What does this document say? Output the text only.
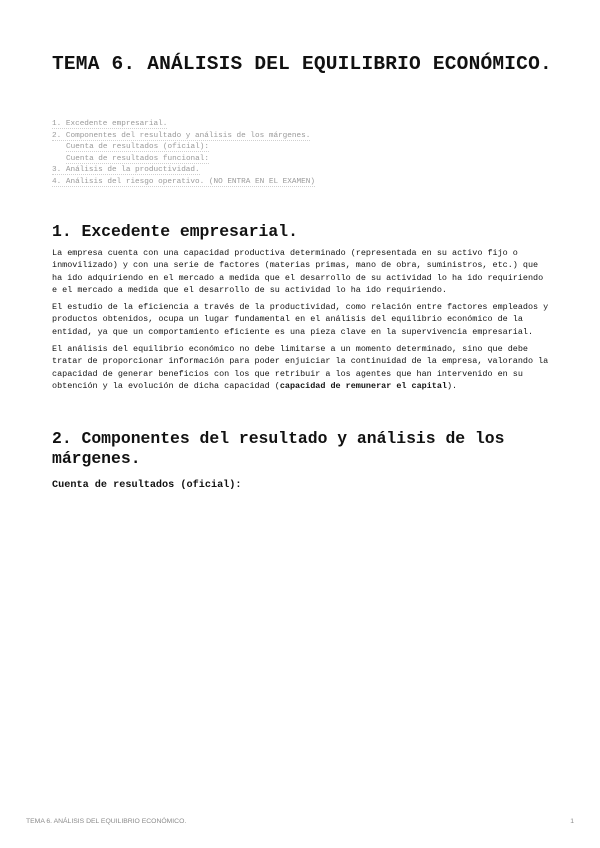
TEMA 6. ANÁLISIS DEL EQUILIBRIO ECONÓMICO.
1. Excedente empresarial.
2. Componentes del resultado y análisis de los márgenes.
Cuenta de resultados (oficial):
Cuenta de resultados funcional:
3. Análisis de la productividad.
4. Análisis del riesgo operativo. (NO ENTRA EN EL EXAMEN)
1. Excedente empresarial.

La empresa cuenta con una capacidad productiva determinado (representada en su activo fijo o inmovilizado) y con una serie de factores (materias primas, mano de obra, suministros, etc.) que ha ido adquiriendo en el mercado a medida que el desarrollo de su actividad lo ha ido requiriendo e el mercado a medida que el desarrollo de su actividad lo ha ido requiriendo.

El estudio de la eficiencia a través de la productividad, como relación entre factores empleados y productos obtenidos, ocupa un lugar fundamental en el análisis del equilibrio económico de la entidad, ya que un comportamiento eficiente es una pieza clave en la supervivencia empresarial.

El análisis del equilibrio económico no debe limitarse a un momento determinado, sino que debe tratar de proporcionar información para poder enjuiciar la continuidad de la empresa, valorando la capacidad de generar beneficios con los que retribuir a los agentes que han intervenido en su obtención y la evolución de dicha capacidad (capacidad de remunerar el capital).

2. Componentes del resultado y análisis de los márgenes.
Cuenta de resultados (oficial):
TEMA 6. ANÁLISIS DEL EQUILIBRIO ECONÓMICO.	1
